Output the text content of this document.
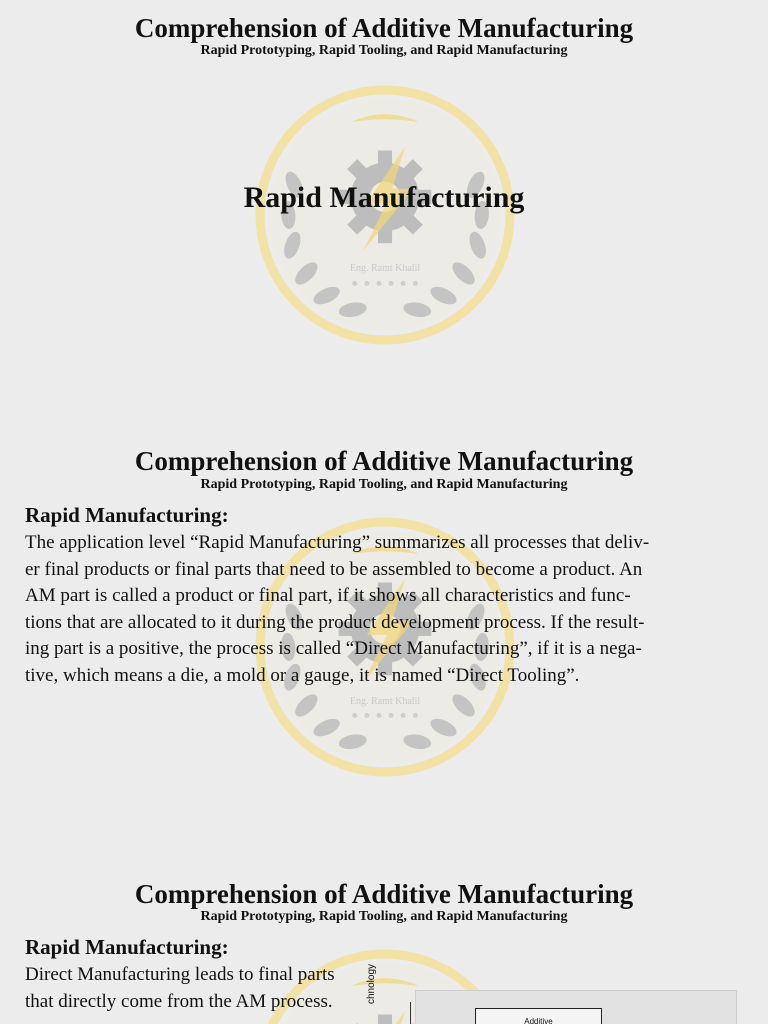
Eng. Ramt Khalil
Comprehension of Additive Manufacturing
Rapid Prototyping, Rapid Tooling, and Rapid Manufacturing
Rapid Manufacturing
Eng. Ramt Khalil
Comprehension of Additive Manufacturing
Rapid Prototyping, Rapid Tooling, and Rapid Manufacturing
Rapid Manufacturing:
The application level “Rapid Manufacturing” summarizes all processes that deliv-
er final products or final parts that need to be assembled to become a product. An
AM part is called a product or final part, if it shows all characteristics and func-
tions that are allocated to it during the product development process. If the result-
ing part is a positive, the process is called “Direct Manufacturing”, if it is a nega-
tive, which means a die, a mold or a gauge, it is named “Direct Tooling”.
Comprehension of Additive Manufacturing
Rapid Prototyping, Rapid Tooling, and Rapid Manufacturing
Rapid Manufacturing:
Direct Manufacturing leads to final parts
that directly come from the AM process.	chnology
Additive
